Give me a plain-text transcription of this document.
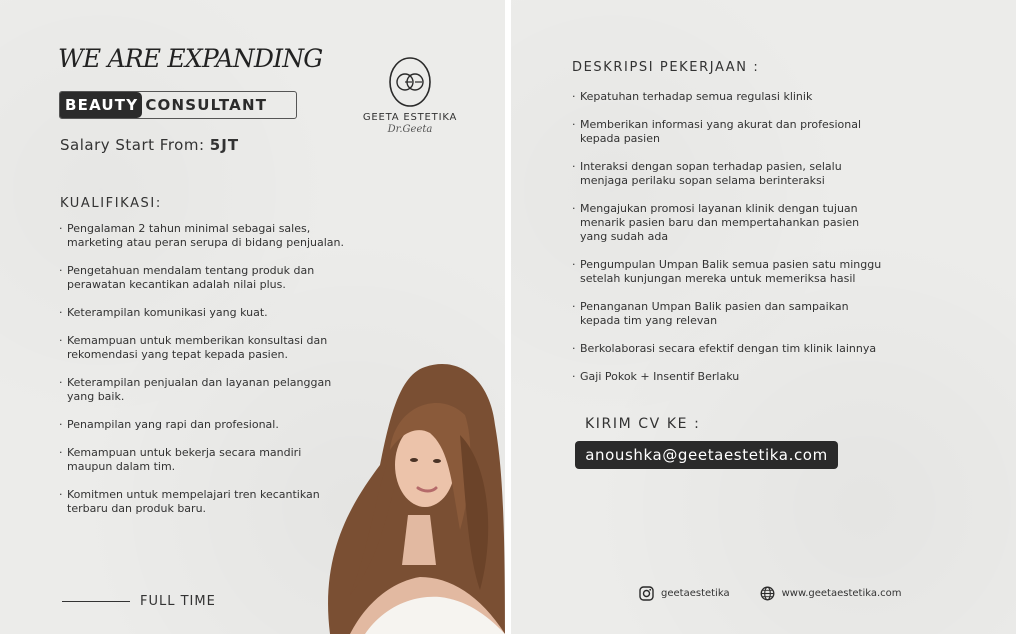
WE ARE EXPANDING
BEAUTY CONSULTANT
Salary Start From: 5JT
GEETA ESTETIKA
Dr.Geeta
KUALIFIKASI:
· Pengalaman 2 tahun minimal sebagai sales,
marketing atau peran serupa di bidang penjualan.
· Pengetahuan mendalam tentang produk dan
perawatan kecantikan adalah nilai plus.
· Keterampilan komunikasi yang kuat.
· Kemampuan untuk memberikan konsultasi dan
rekomendasi yang tepat kepada pasien.
· Keterampilan penjualan dan layanan pelanggan
yang baik.
· Penampilan yang rapi dan profesional.
· Kemampuan untuk bekerja secara mandiri
maupun dalam tim.
· Komitmen untuk mempelajari tren kecantikan
terbaru dan produk baru.
FULL TIME
DESKRIPSI PEKERJAAN :
· Kepatuhan terhadap semua regulasi klinik
· Memberikan informasi yang akurat dan profesional
kepada pasien
· Interaksi dengan sopan terhadap pasien, selalu
menjaga perilaku sopan selama berinteraksi
· Mengajukan promosi layanan klinik dengan tujuan
menarik pasien baru dan mempertahankan pasien
yang sudah ada
· Pengumpulan Umpan Balik semua pasien satu minggu
setelah kunjungan mereka untuk memeriksa hasil
· Penanganan Umpan Balik pasien dan sampaikan
kepada tim yang relevan
· Berkolaborasi secara efektif dengan tim klinik lainnya
· Gaji Pokok + Insentif Berlaku
KIRIM CV KE :
anoushka@geetaestetika.com
geetaestetika	www.geetaestetika.com
